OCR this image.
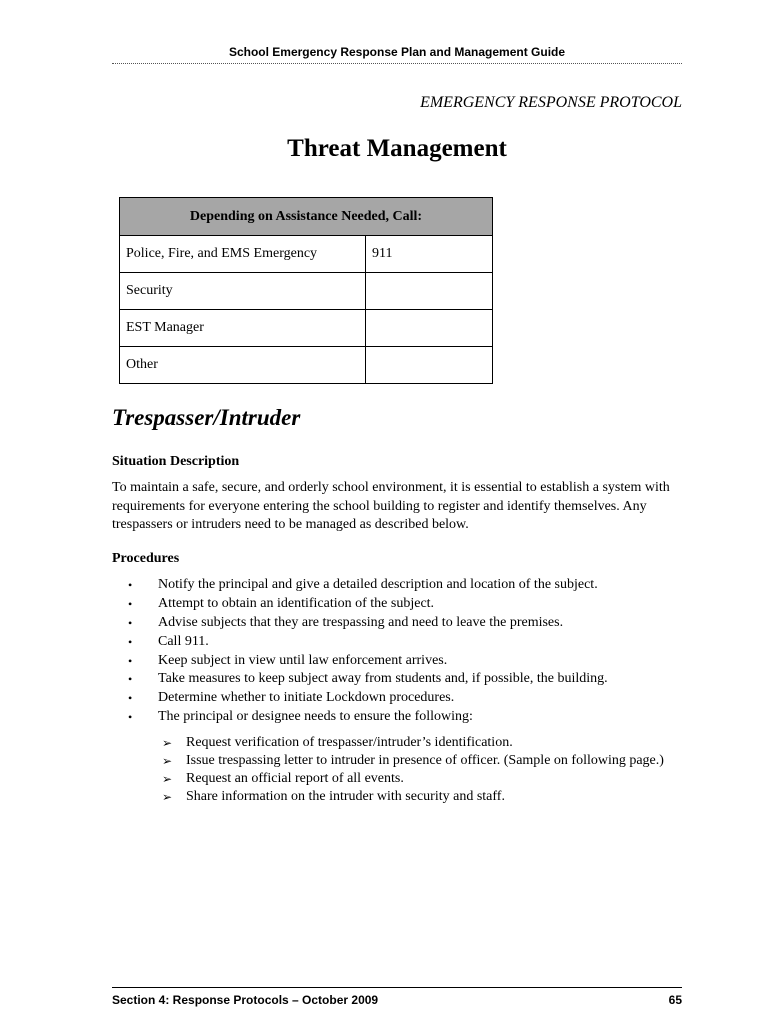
School Emergency Response Plan and Management Guide
EMERGENCY RESPONSE PROTOCOL
Threat Management
Depending on Assistance Needed, Call:	
Police, Fire, and EMS Emergency	911
Security	
EST Manager	
Other	
Trespasser/Intruder
Situation Description
To maintain a safe, secure, and orderly school environment, it is essential to establish a system with requirements for everyone entering the school building to register and identify themselves. Any trespassers or intruders need to be managed as described below.
Procedures
• Notify the principal and give a detailed description and location of the subject.
• Attempt to obtain an identification of the subject.
• Advise subjects that they are trespassing and need to leave the premises.
• Call 911.
• Keep subject in view until law enforcement arrives.
• Take measures to keep subject away from students and, if possible, the building.
• Determine whether to initiate Lockdown procedures.
• The principal or designee needs to ensure the following:
➢ Request verification of trespasser/intruder’s identification.
➢ Issue trespassing letter to intruder in presence of officer. (Sample on following page.)
➢ Request an official report of all events.
➢ Share information on the intruder with security and staff.
Section 4: Response Protocols – October 2009	65
